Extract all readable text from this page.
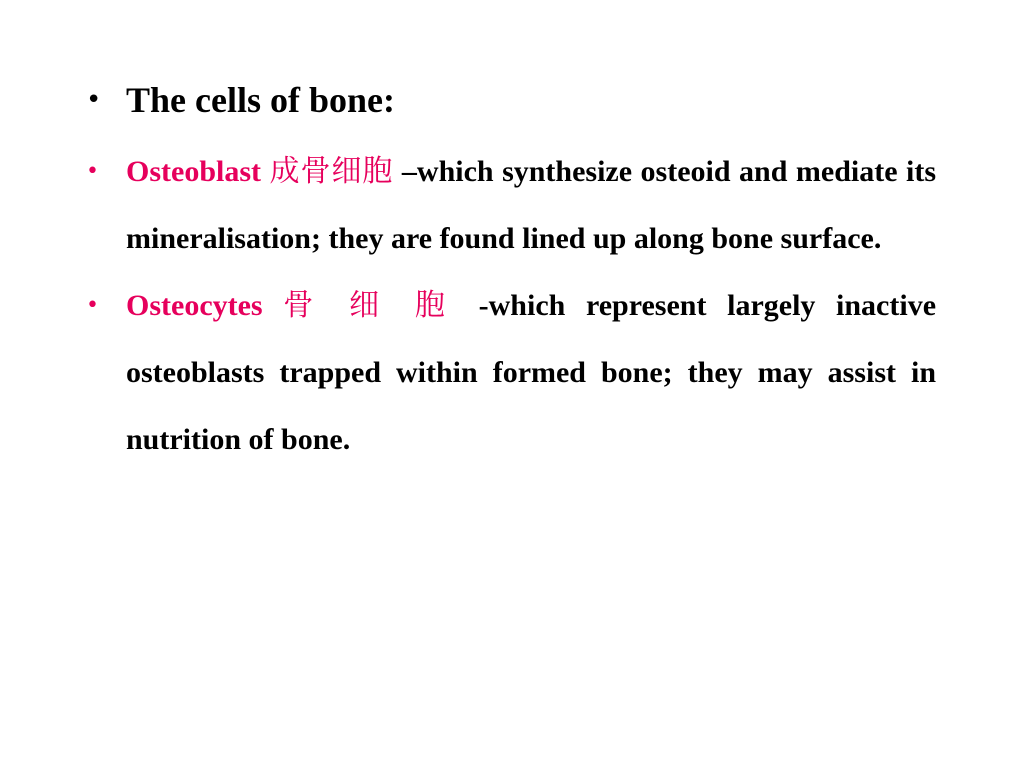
• The cells of bone:
• Osteoblast 成骨细胞 –which synthesize osteoid and mediate its mineralisation; they are found lined up along bone surface.
• Osteocytes 骨 细 胞 -which represent largely inactive osteoblasts trapped within formed bone; they may assist in nutrition of bone.
